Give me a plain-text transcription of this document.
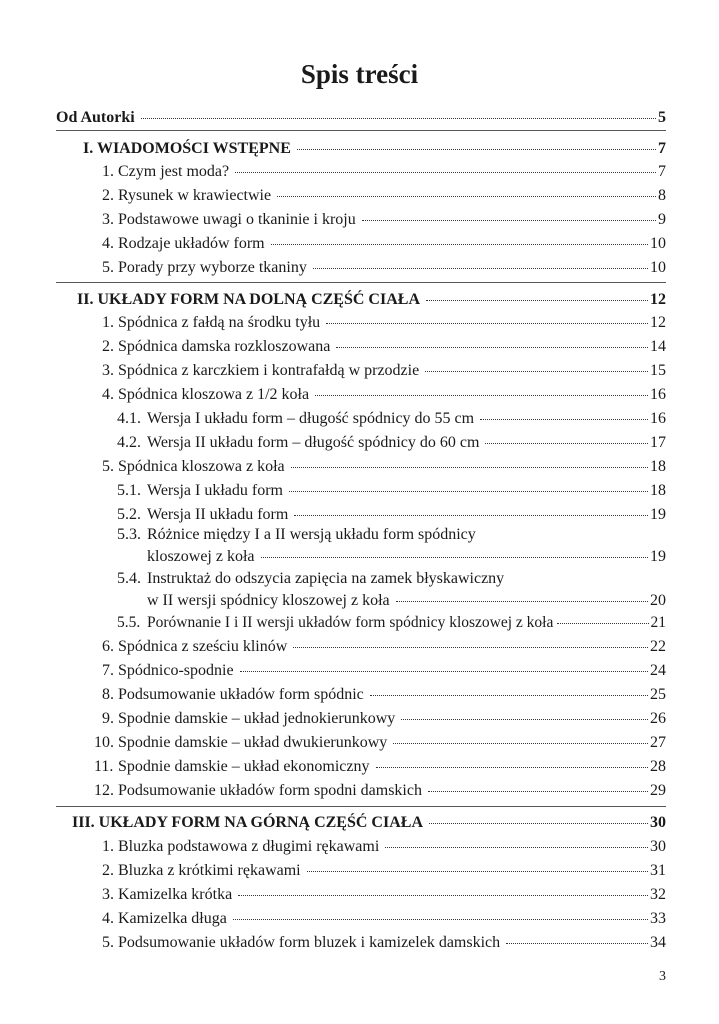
Spis treści
Od Autorki	5
I. WIADOMOŚCI WSTĘPNE	7
1. Czym jest moda?	7
2. Rysunek w krawiectwie	8
3. Podstawowe uwagi o tkaninie i kroju	9
4. Rodzaje układów form	10
5. Porady przy wyborze tkaniny	10
II. UKŁADY FORM NA DOLNĄ CZĘŚĆ CIAŁA	12
1. Spódnica z fałdą na środku tyłu	12
2. Spódnica damska rozkloszowana	14
3. Spódnica z karczkiem i kontrafałdą w przodzie	15
4. Spódnica kloszowa z 1/2 koła	16
4.1. Wersja I układu form – długość spódnicy do 55 cm	16
4.2. Wersja II układu form – długość spódnicy do 60 cm	17
5. Spódnica kloszowa z koła	18
5.1. Wersja I układu form	18
5.2. Wersja II układu form	19
5.3. Różnice między I a II wersją układu form spódnicy
kloszowej z koła	19
5.4. Instruktaż do odszycia zapięcia na zamek błyskawiczny
w II wersji spódnicy kloszowej z koła	20
5.5. Porównanie I i II wersji układów form spódnicy kloszowej z koła	21
6. Spódnica z sześciu klinów	22
7. Spódnico-spodnie	24
8. Podsumowanie układów form spódnic	25
9. Spodnie damskie – układ jednokierunkowy	26
10. Spodnie damskie – układ dwukierunkowy	27
11. Spodnie damskie – układ ekonomiczny	28
12. Podsumowanie układów form spodni damskich	29
III. UKŁADY FORM NA GÓRNĄ CZĘŚĆ CIAŁA	30
1. Bluzka podstawowa z długimi rękawami	30
2. Bluzka z krótkimi rękawami	31
3. Kamizelka krótka	32
4. Kamizelka długa	33
5. Podsumowanie układów form bluzek i kamizelek damskich	34
3
